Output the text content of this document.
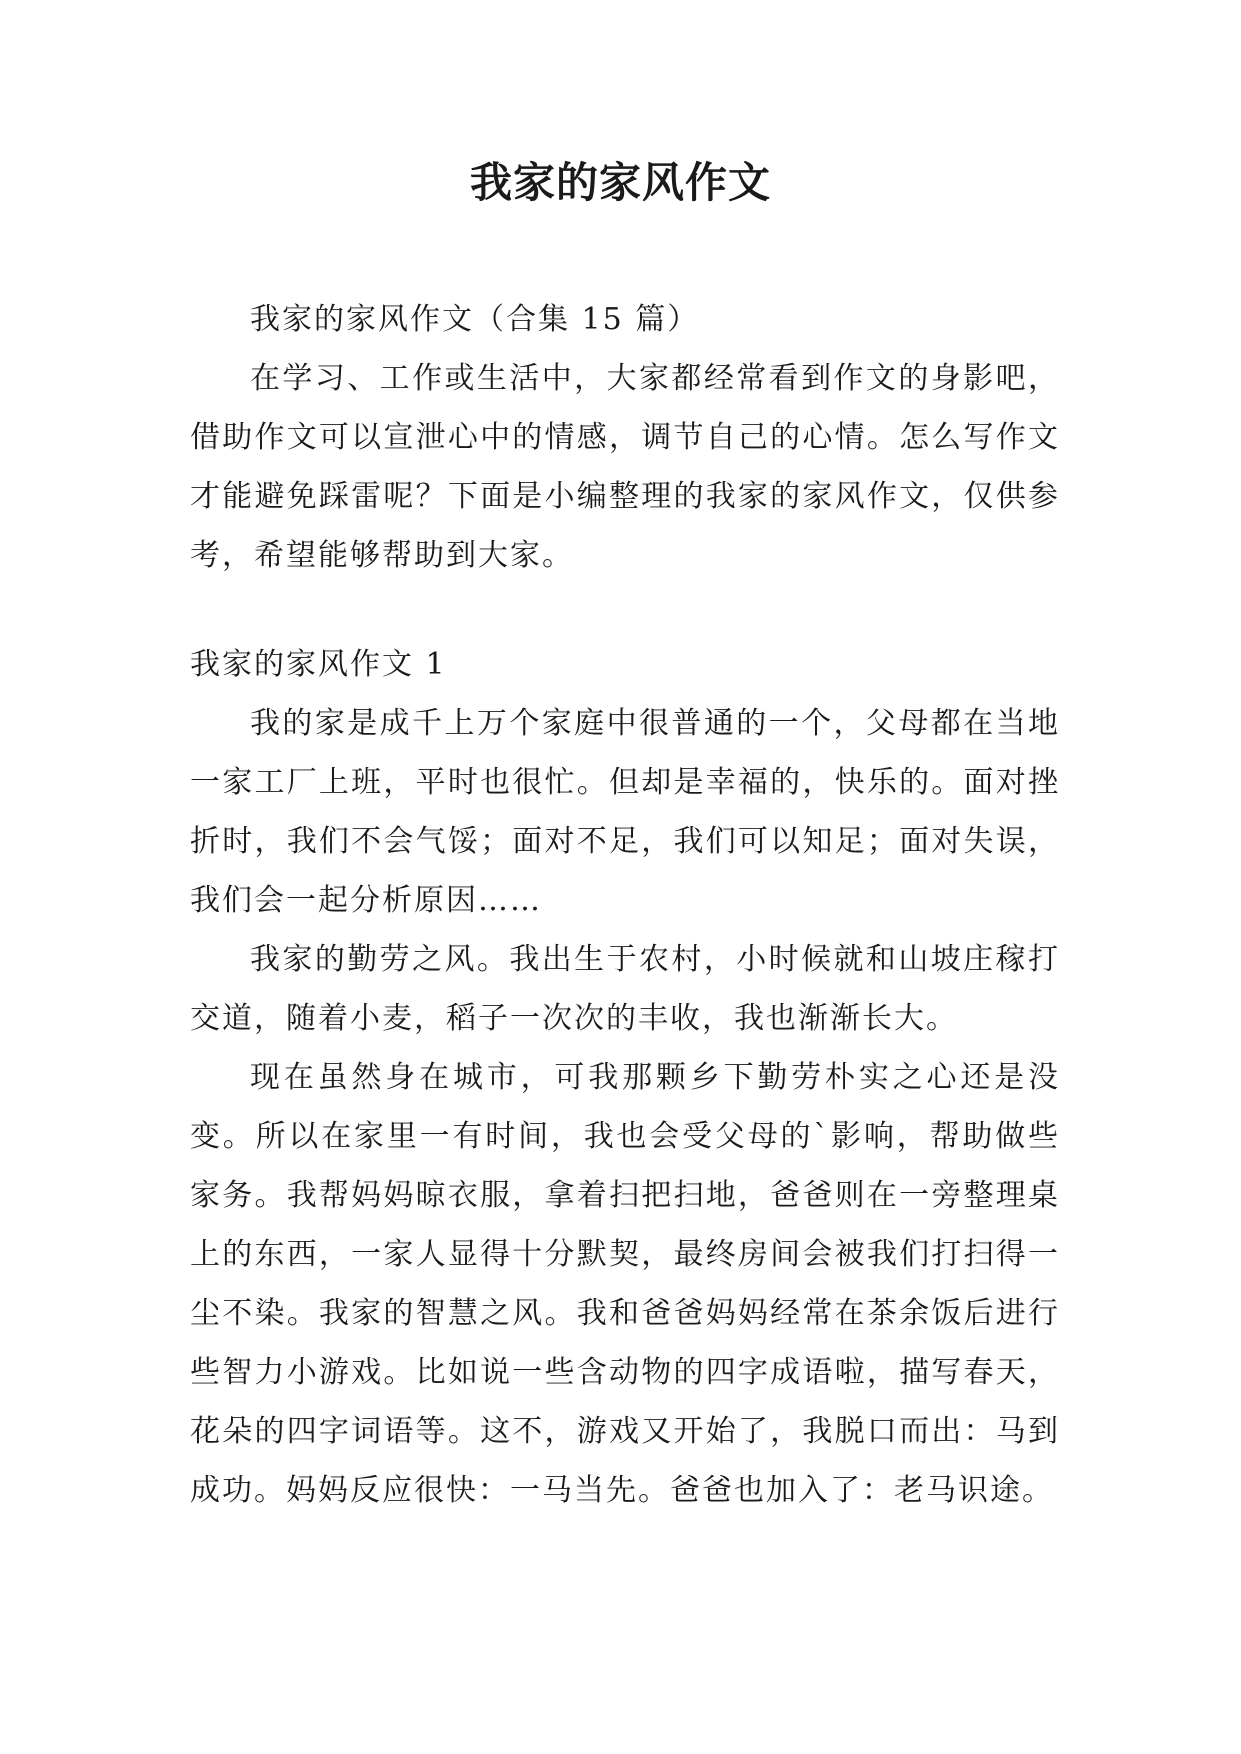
我家的家风作文

我家的家风作文（合集 15 篇）

在学习、工作或生活中，大家都经常看到作文的身影吧，借助作文可以宣泄心中的情感，调节自己的心情。怎么写作文才能避免踩雷呢？下面是小编整理的我家的家风作文，仅供参考，希望能够帮助到大家。

我家的家风作文 1

我的家是成千上万个家庭中很普通的一个，父母都在当地一家工厂上班，平时也很忙。但却是幸福的，快乐的。面对挫折时，我们不会气馁；面对不足，我们可以知足；面对失误，我们会一起分析原因……

我家的勤劳之风。我出生于农村，小时候就和山坡庄稼打交道，随着小麦，稻子一次次的丰收，我也渐渐长大。

现在虽然身在城市，可我那颗乡下勤劳朴实之心还是没变。所以在家里一有时间，我也会受父母的`影响，帮助做些家务。我帮妈妈晾衣服，拿着扫把扫地，爸爸则在一旁整理桌上的东西，一家人显得十分默契，最终房间会被我们打扫得一尘不染。我家的智慧之风。我和爸爸妈妈经常在茶余饭后进行些智力小游戏。比如说一些含动物的四字成语啦，描写春天，花朵的四字词语等。这不，游戏又开始了，我脱口而出：马到成功。妈妈反应很快：一马当先。爸爸也加入了：老马识途。
